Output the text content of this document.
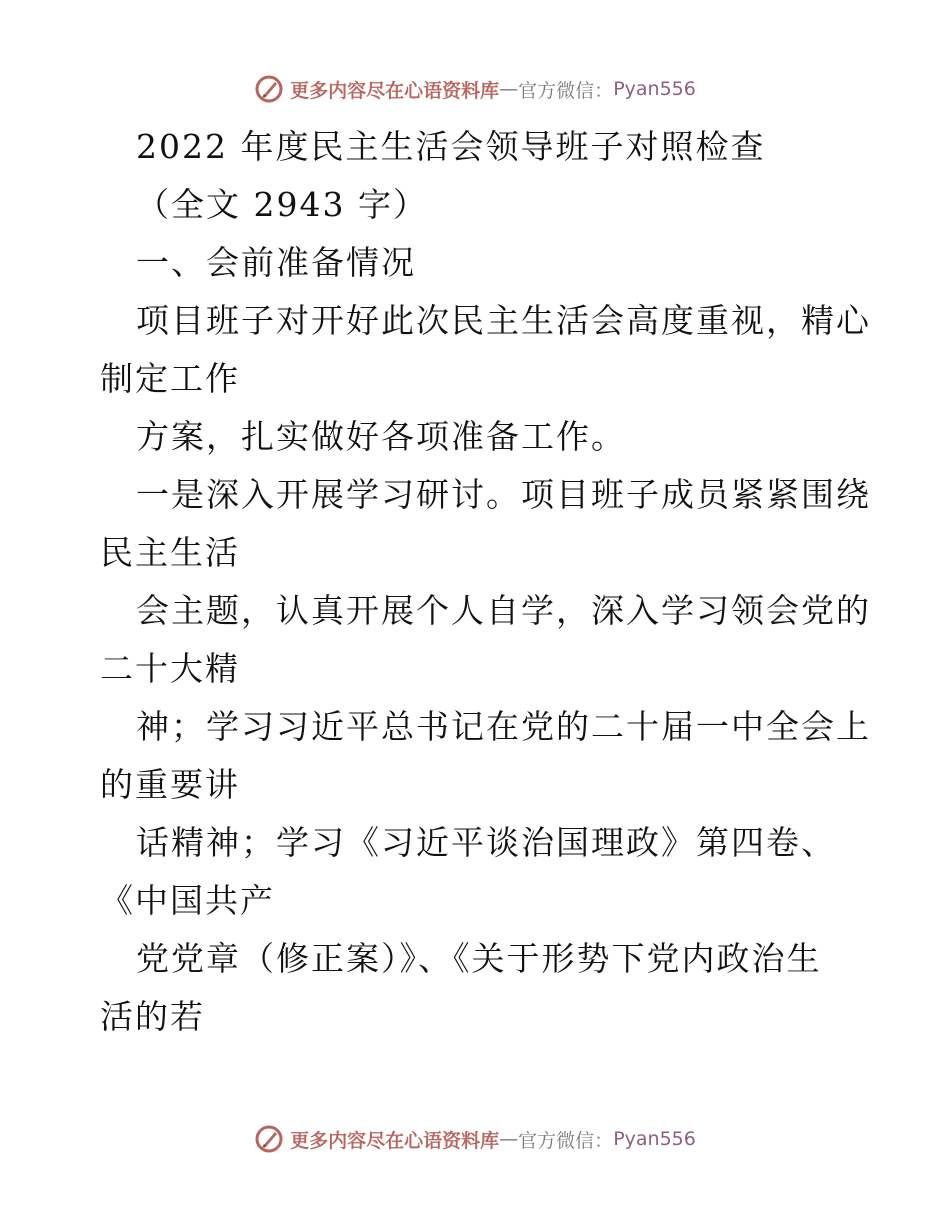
更多内容尽在心语资料库 — 官方微信： Pyan556
2022 年度民主生活会领导班子对照检查
（全文 2943 字）
一、会前准备情况
项目班子对开好此次民主生活会高度重视，精心
制定工作
方案，扎实做好各项准备工作。
一是深入开展学习研讨。项目班子成员紧紧围绕
民主生活
会主题，认真开展个人自学，深入学习领会党的
二十大精
神；学习习近平总书记在党的二十届一中全会上
的重要讲
话精神；学习《习近平谈治国理政》第四卷、
《中国共产
党党章（修正案）》、《关于形势下党内政治生
活的若
更多内容尽在心语资料库 — 官方微信： Pyan556
